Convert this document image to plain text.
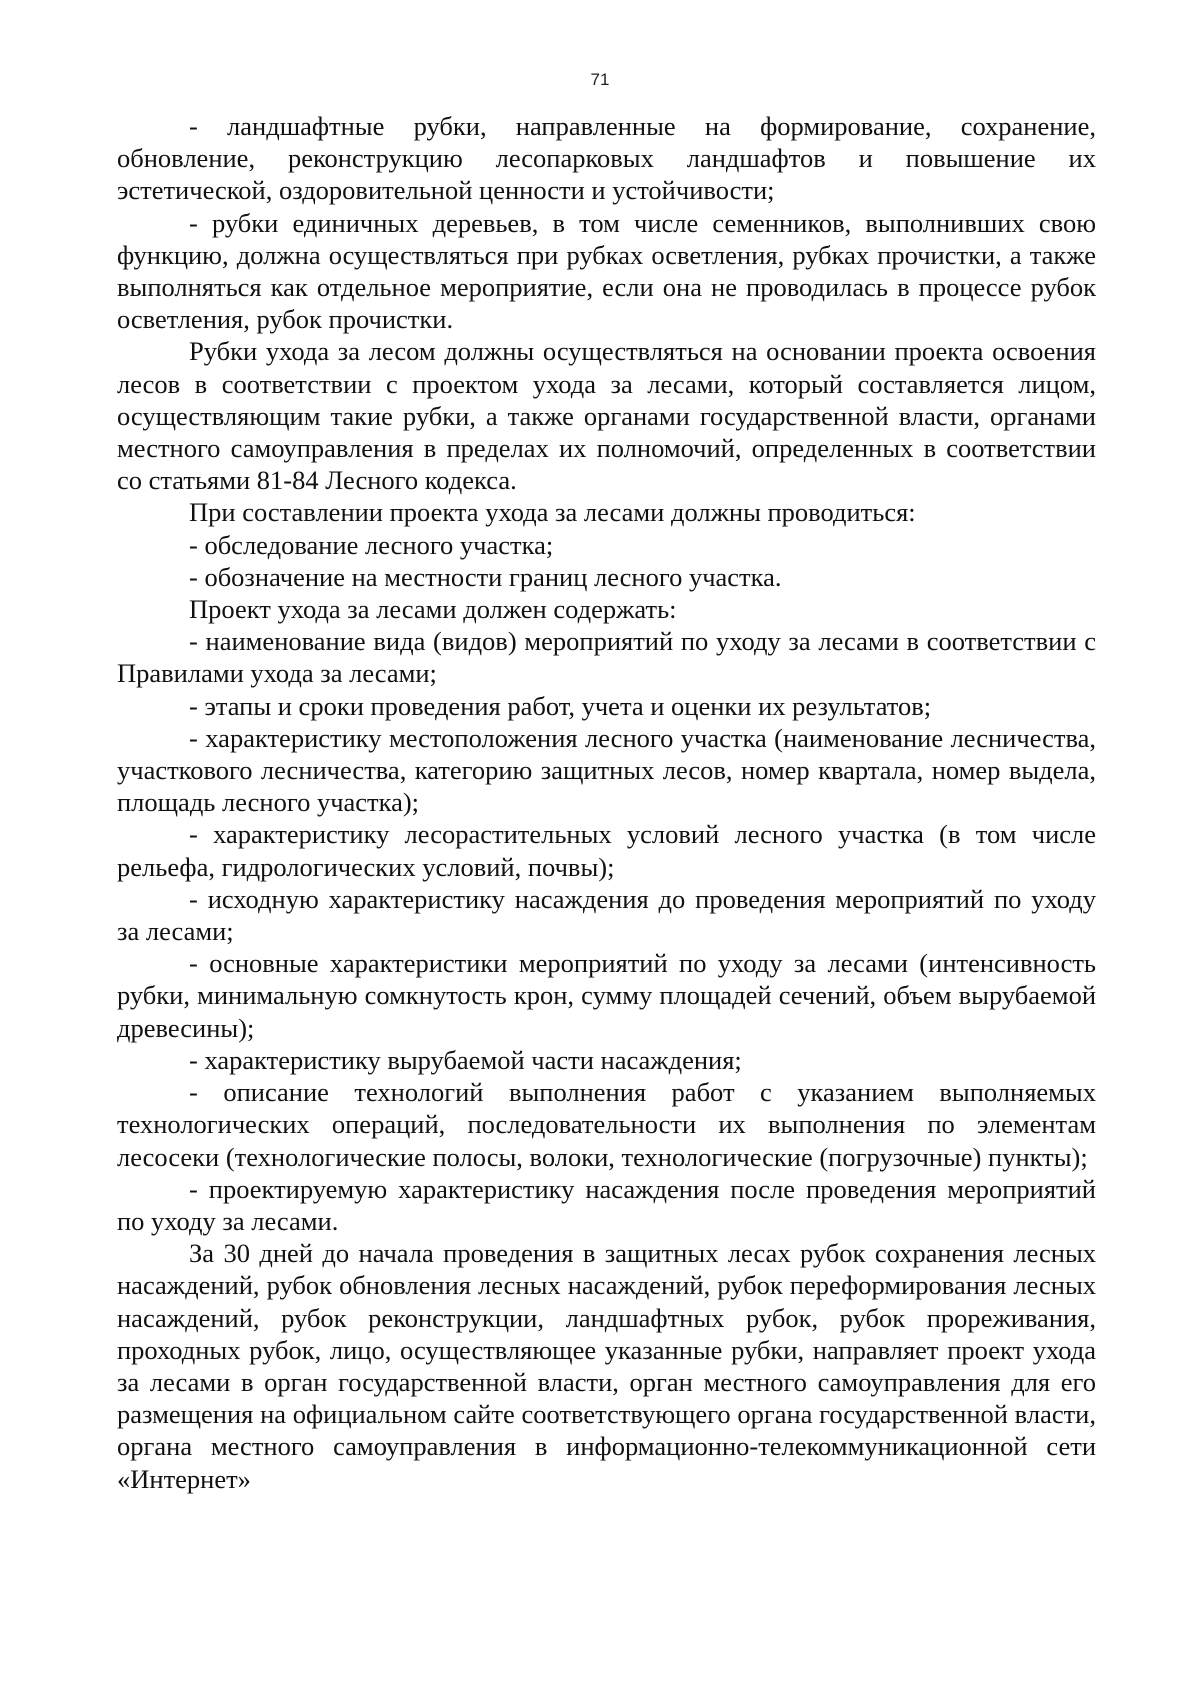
71

- ландшафтные рубки, направленные на формирование, сохранение, обновление, реконструкцию лесопарковых ландшафтов и повышение их эстетической, оздоровительной ценности и устойчивости;

- рубки единичных деревьев, в том числе семенников, выполнивших свою функцию, должна осуществляться при рубках осветления, рубках прочистки, а также выполняться как отдельное мероприятие, если она не проводилась в процессе рубок осветления, рубок прочистки.

Рубки ухода за лесом должны осуществляться на основании проекта освоения лесов в соответствии с проектом ухода за лесами, который составляется лицом, осуществляющим такие рубки, а также органами государственной власти, органами местного самоуправления в пределах их полномочий, определенных в соответствии со статьями 81-84 Лесного кодекса.

При составлении проекта ухода за лесами должны проводиться:

- обследование лесного участка;

- обозначение на местности границ лесного участка.

Проект ухода за лесами должен содержать:

- наименование вида (видов) мероприятий по уходу за лесами в соответствии с Правилами ухода за лесами;

- этапы и сроки проведения работ, учета и оценки их результатов;

- характеристику местоположения лесного участка (наименование лесничества, участкового лесничества, категорию защитных лесов, номер квартала, номер выдела, площадь лесного участка);

- характеристику лесорастительных условий лесного участка (в том числе рельефа, гидрологических условий, почвы);

- исходную характеристику насаждения до проведения мероприятий по уходу за лесами;

- основные характеристики мероприятий по уходу за лесами (интенсивность рубки, минимальную сомкнутость крон, сумму площадей сечений, объем вырубаемой древесины);

- характеристику вырубаемой части насаждения;

- описание технологий выполнения работ с указанием выполняемых технологических операций, последовательности их выполнения по элементам лесосеки (технологические полосы, волоки, технологические (погрузочные) пункты);

- проектируемую характеристику насаждения после проведения мероприятий по уходу за лесами.

За 30 дней до начала проведения в защитных лесах рубок сохранения лесных насаждений, рубок обновления лесных насаждений, рубок переформирования лесных насаждений, рубок реконструкции, ландшафтных рубок, рубок прореживания, проходных рубок, лицо, осуществляющее указанные рубки, направляет проект ухода за лесами в орган государственной власти, орган местного самоуправления для его размещения на официальном сайте соответствующего органа государственной власти, органа местного самоуправления в информационно-телекоммуникационной сети «Интернет»
